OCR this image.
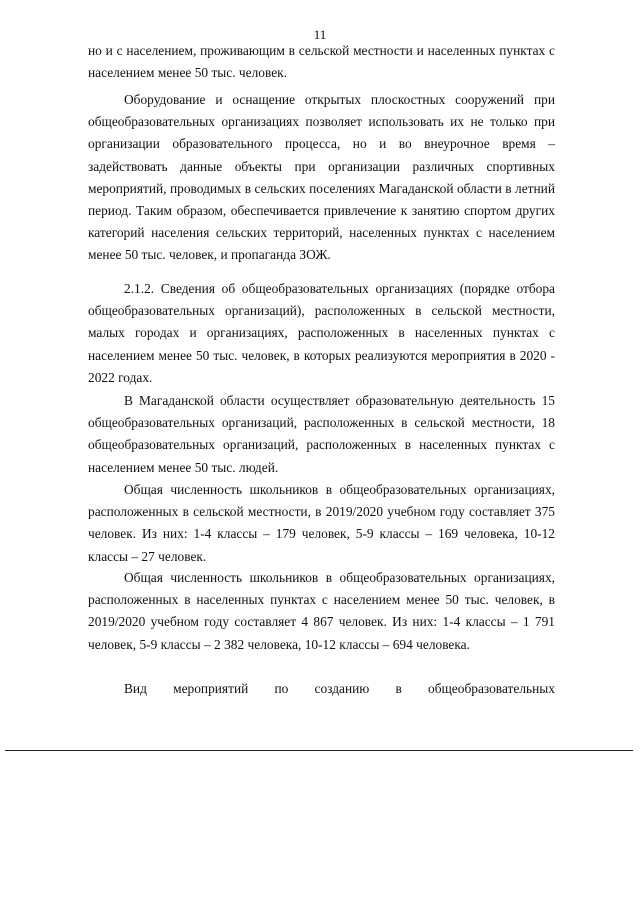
11

но и с населением, проживающим в сельской местности и населенных пунктах с населением менее 50 тыс. человек.

Оборудование и оснащение открытых плоскостных сооружений при общеобразовательных организациях позволяет использовать их не только при организации образовательного процесса, но и во внеурочное время – задействовать данные объекты при организации различных спортивных мероприятий, проводимых в сельских поселениях Магаданской области в летний период. Таким образом, обеспечивается привлечение к занятию спортом других категорий населения сельских территорий, населенных пунктах с населением менее 50 тыс. человек, и пропаганда ЗОЖ.

2.1.2. Сведения об общеобразовательных организациях (порядке отбора общеобразовательных организаций), расположенных в сельской местности, малых городах и организациях, расположенных в населенных пунктах с населением менее 50 тыс. человек, в которых реализуются мероприятия в 2020 - 2022 годах.

В Магаданской области осуществляет образовательную деятельность 15 общеобразовательных организаций, расположенных в сельской местности, 18 общеобразовательных организаций, расположенных в населенных пунктах с населением менее 50 тыс. людей.

Общая численность школьников в общеобразовательных организациях, расположенных в сельской местности, в 2019/2020 учебном году составляет 375 человек. Из них: 1-4 классы – 179 человек, 5-9 классы – 169 человека, 10-12 классы – 27 человек.

Общая численность школьников в общеобразовательных организациях, расположенных в населенных пунктах с населением менее 50 тыс. человек, в 2019/2020 учебном году составляет 4 867 человек. Из них: 1-4 классы – 1 791 человек, 5-9 классы – 2 382 человека, 10-12 классы – 694 человека.

Вид мероприятий по созданию в общеобразовательных
